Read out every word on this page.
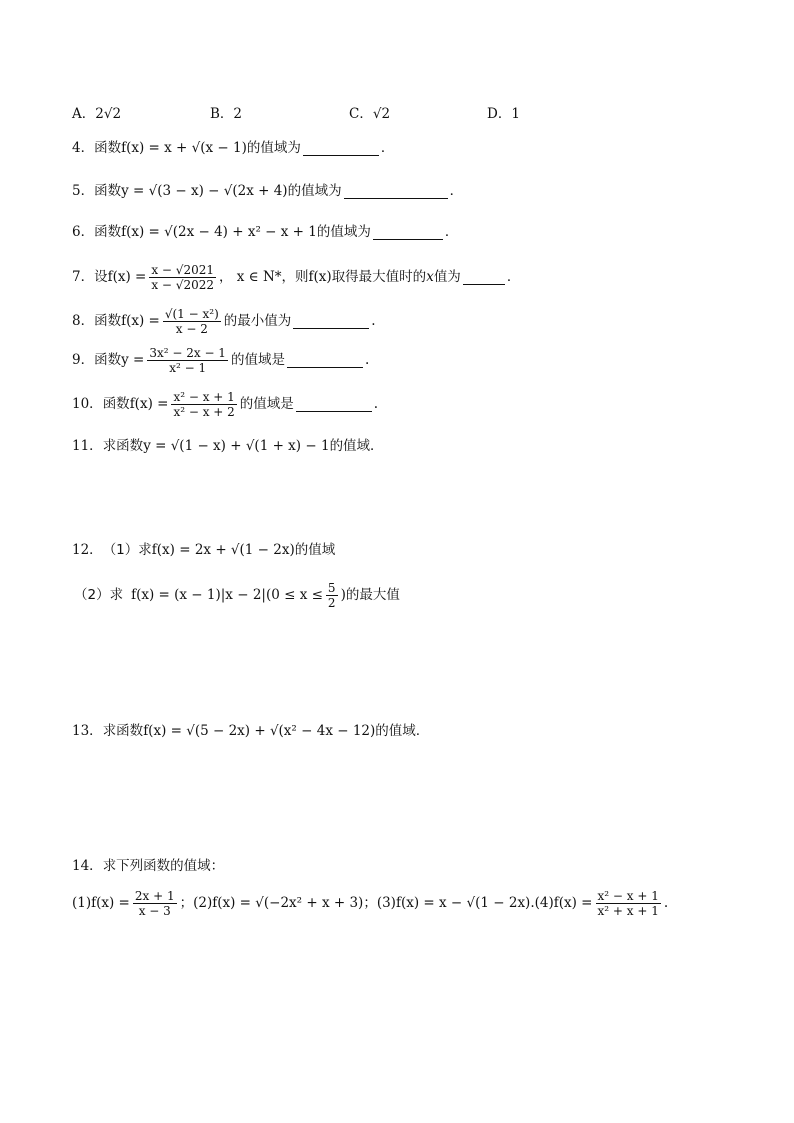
A．2√2	B．2	C．√2	D．1
4． 函数 f(x) = x + √(x − 1) 的值域为	．
5． 函数 y = √(3 − x) − √(2x + 4) 的值域为	．
6． 函数 f(x) = √(2x − 4) + x² − x + 1 的值域为	．
7． 设 $f(x) = \frac{x - √2021}{x - √2022}$ ， x ∈ N* ，则 f(x) 取得最大值时的 x 值为	．
8． 函数 $f(x) = \frac{\text{√(1 − x²)}}{x - 2}$ 的最小值为	.
9． 函数 $y = \frac{\text{3x² − 2x − 1}}{\text{x² − 1}}$ 的值域是	.
10． 函数 $f(x) = \frac{\text{x² − x + 1}}{\text{x² − x + 2}}$ 的值域是	.
11． 求函数 y = √(1 − x) + √(1 + x) − 1 的值域．
12． （1）求 f(x) = 2x + √(1 − 2x) 的值域
（2）求 $f(x) = (x - 1)|x - 2|(0 \le x \le \frac{5}{2}$ ) 的最大值
13． 求函数 f(x) = √(5 − 2x) + √(x² − 4x − 12) 的值域.
14． 求下列函数的值域：
(1) $f(x) = \frac{2x + 1}{x - 3}$ ； (2) f(x) = √(−2x² + x + 3) ； (3) f(x) = x − √(1 − 2x) . (4) $f(x) = \frac{\text{x² − x + 1}}{\text{x² + x + 1}}$ .
